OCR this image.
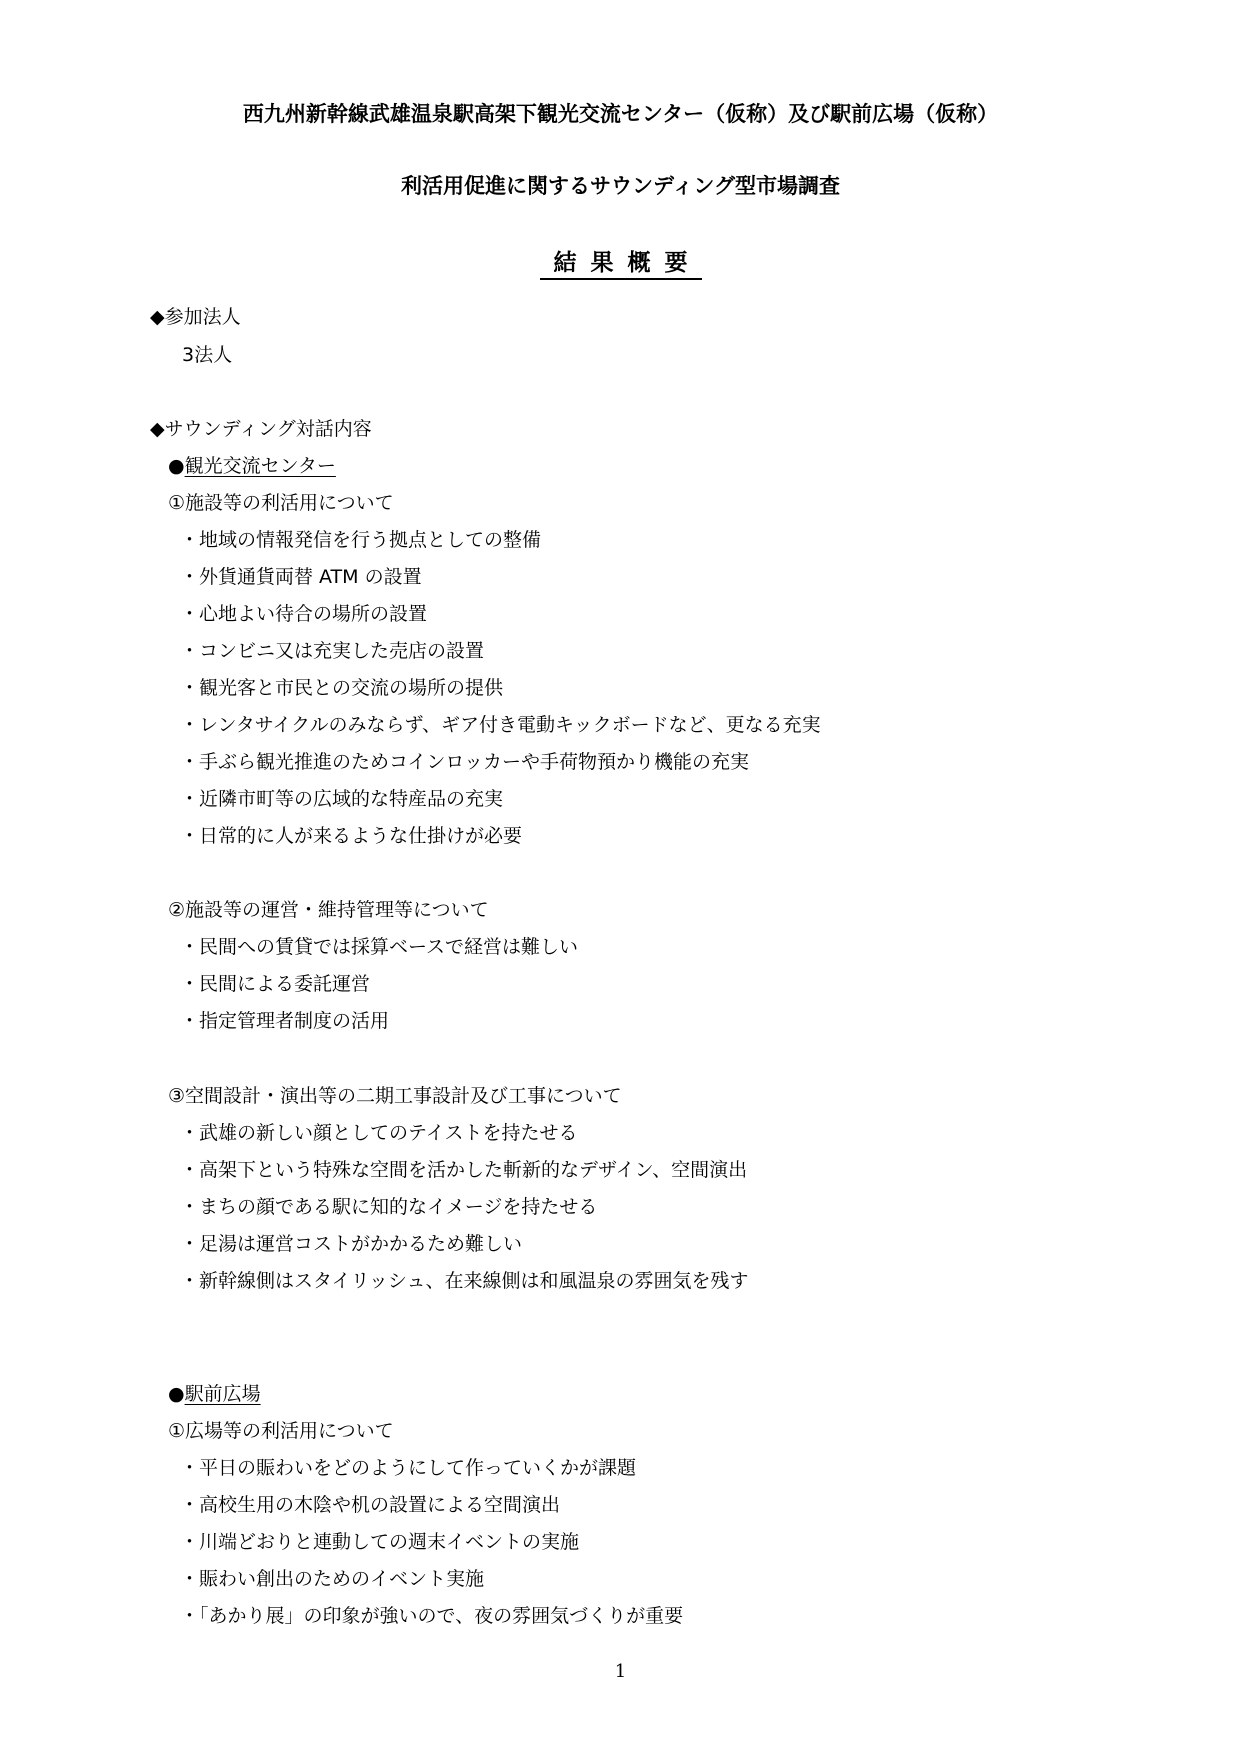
西九州新幹線武雄温泉駅高架下観光交流センター（仮称）及び駅前広場（仮称）
利活用促進に関するサウンディング型市場調査
結果概要
◆参加法人
3法人
◆サウンディング対話内容
●観光交流センター
①施設等の利活用について
・地域の情報発信を行う拠点としての整備
・外貨通貨両替 ATM の設置
・心地よい待合の場所の設置
・コンビニ又は充実した売店の設置
・観光客と市民との交流の場所の提供
・レンタサイクルのみならず、ギア付き電動キックボードなど、更なる充実
・手ぶら観光推進のためコインロッカーや手荷物預かり機能の充実
・近隣市町等の広域的な特産品の充実
・日常的に人が来るような仕掛けが必要
②施設等の運営・維持管理等について
・民間への賃貸では採算ベースで経営は難しい
・民間による委託運営
・指定管理者制度の活用
③空間設計・演出等の二期工事設計及び工事について
・武雄の新しい顔としてのテイストを持たせる
・高架下という特殊な空間を活かした斬新的なデザイン、空間演出
・まちの顔である駅に知的なイメージを持たせる
・足湯は運営コストがかかるため難しい
・新幹線側はスタイリッシュ、在来線側は和風温泉の雰囲気を残す
●駅前広場
①広場等の利活用について
・平日の賑わいをどのようにして作っていくかが課題
・高校生用の木陰や机の設置による空間演出
・川端どおりと連動しての週末イベントの実施
・賑わい創出のためのイベント実施
・「あかり展」の印象が強いので、夜の雰囲気づくりが重要
1
